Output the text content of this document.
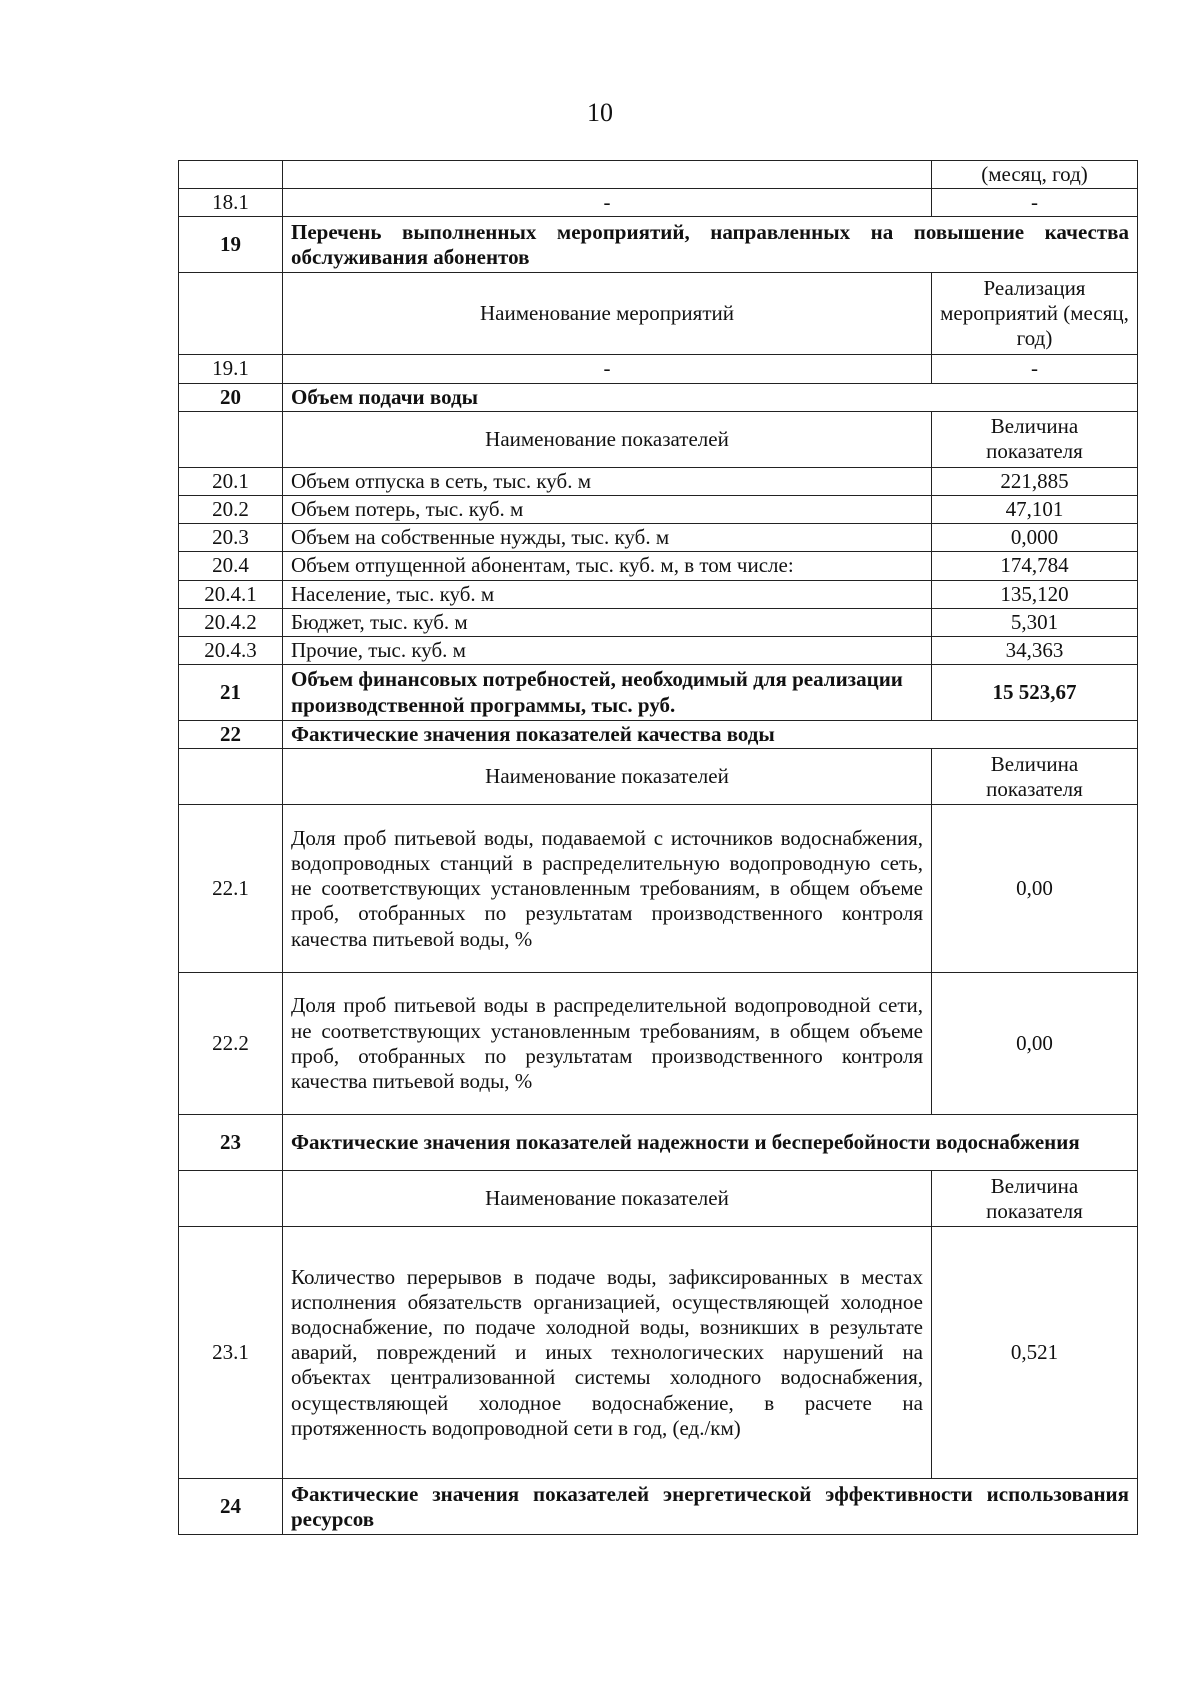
10
		(месяц, год)
18.1	-	-
19	Перечень выполненных мероприятий, направленных на повышение качества обслуживания абонентов	
	Наименование мероприятий	Реализация мероприятий (месяц, год)
19.1	-	-
20	Объем подачи воды	
	Наименование показателей	Величина показателя
20.1	Объем отпуска в сеть, тыс. куб. м	221,885
20.2	Объем потерь, тыс. куб. м	47,101
20.3	Объем на собственные нужды, тыс. куб. м	0,000
20.4	Объем отпущенной абонентам, тыс. куб. м, в том числе:	174,784
20.4.1	Население, тыс. куб. м	135,120
20.4.2	Бюджет, тыс. куб. м	5,301
20.4.3	Прочие, тыс. куб. м	34,363
21	Объем финансовых потребностей, необходимый для реализации производственной программы, тыс. руб.	15 523,67
22	Фактические значения показателей качества воды	
	Наименование показателей	Величина показателя
22.1	Доля проб питьевой воды, подаваемой с источников водоснабжения, водопроводных станций в распределительную водопроводную сеть, не соответствующих установленным требованиям, в общем объеме проб, отобранных по результатам производственного контроля качества питьевой воды, %	0,00
22.2	Доля проб питьевой воды в распределительной водопроводной сети, не соответствующих установленным требованиям, в общем объеме проб, отобранных по результатам производственного контроля качества питьевой воды, %	0,00
23	Фактические значения показателей надежности и бесперебойности водоснабжения	
	Наименование показателей	Величина показателя
23.1	Количество перерывов в подаче воды, зафиксированных в местах исполнения обязательств организацией, осуществляющей холодное водоснабжение, по подаче холодной воды, возникших в результате аварий, повреждений и иных технологических нарушений на объектах централизованной системы холодного водоснабжения, осуществляющей холодное водоснабжение, в расчете на протяженность водопроводной сети в год, (ед./км)	0,521
24	Фактические значения показателей энергетической эффективности использования ресурсов	
